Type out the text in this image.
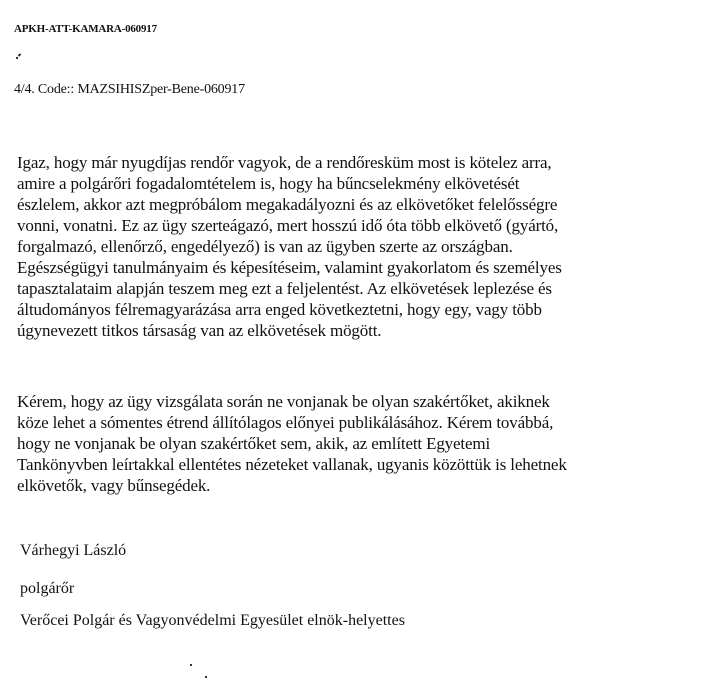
APKH-ATT-KAMARA-060917
4/4. Code:: MAZSIHISZper-Bene-060917
Igaz, hogy már nyugdíjas rendőr vagyok, de a rendőresküm most is kötelez arra,
amire a polgárőri fogadalomtételem is, hogy ha bűncselekmény elkövetését
észlelem, akkor azt megpróbálom megakadályozni és az elkövetőket felelősségre
vonni, vonatni. Ez az ügy szerteágazó, mert hosszú idő óta több elkövető (gyártó,
forgalmazó, ellenőrző, engedélyező) is van az ügyben szerte az országban.
Egészségügyi tanulmányaim és képesítéseim, valamint gyakorlatom és személyes
tapasztalataim alapján teszem meg ezt a feljelentést. Az elkövetések leplezése és
áltudományos félremagyarázása arra enged következtetni, hogy egy, vagy több
úgynevezett titkos társaság van az elkövetések mögött.
Kérem, hogy az ügy vizsgálata során ne vonjanak be olyan szakértőket, akiknek
köze lehet a sómentes étrend állítólagos előnyei publikálásához. Kérem továbbá,
hogy ne vonjanak be olyan szakértőket sem, akik, az említett Egyetemi
Tankönyvben leírtakkal ellentétes nézeteket vallanak, ugyanis közöttük is lehetnek
elkövetők, vagy bűnsegédek.
Várhegyi László
polgárőr
Verőcei Polgár és Vagyonvédelmi Egyesület elnök-helyettes
